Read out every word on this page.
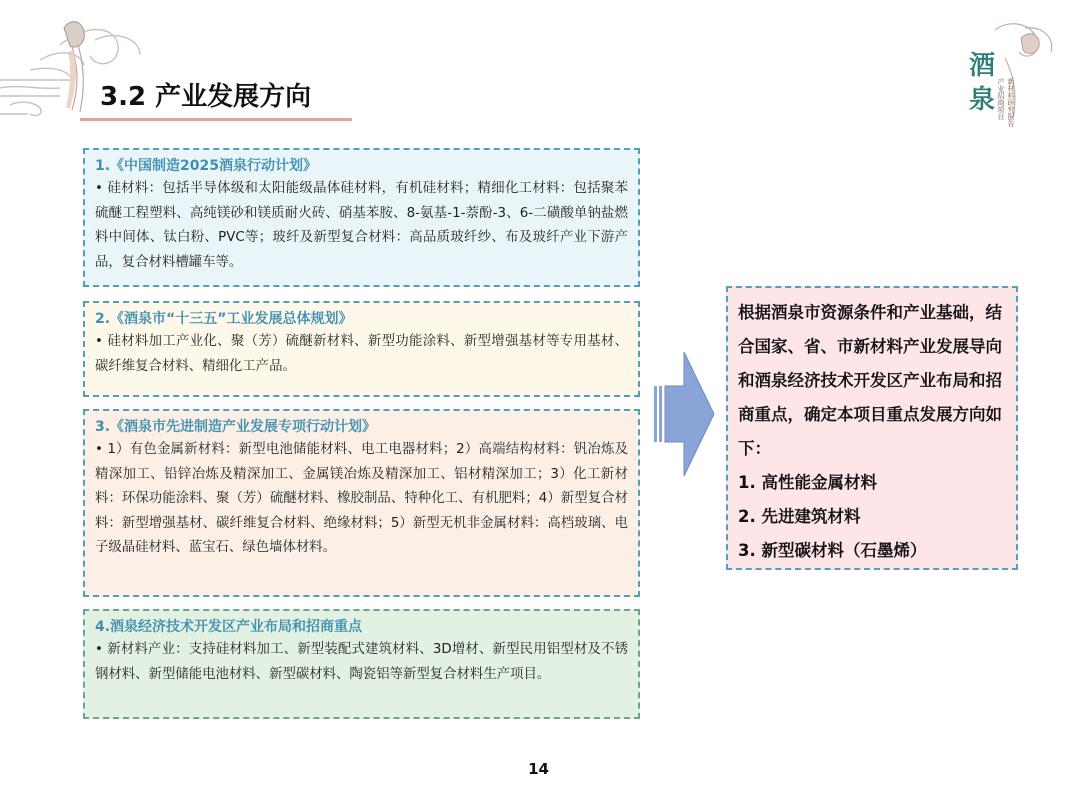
3.2 产业发展方向
酒
泉 产业招商项目 新材料研究报告
1.《中国制造2025酒泉行动计划》
• 硅材料：包括半导体级和太阳能级晶体硅材料，有机硅材料；精细化工材料：包括聚苯硫醚工程塑料、高纯镁砂和镁质耐火砖、硝基苯胺、8-氨基-1-萘酚-3、6-二磺酸单钠盐燃料中间体、钛白粉、PVC等；玻纤及新型复合材料：高品质玻纤纱、布及玻纤产业下游产品，复合材料槽罐车等。
2.《酒泉市“十三五”工业发展总体规划》
• 硅材料加工产业化、聚（芳）硫醚新材料、新型功能涂料、新型增强基材等专用基材、碳纤维复合材料、精细化工产品。
3.《酒泉市先进制造产业发展专项行动计划》
• 1）有色金属新材料：新型电池储能材料、电工电器材料；2）高端结构材料：钒冶炼及精深加工、铅锌冶炼及精深加工、金属镁冶炼及精深加工、铝材精深加工；3）化工新材料：环保功能涂料、聚（芳）硫醚材料、橡胶制品、特种化工、有机肥料；4）新型复合材料：新型增强基材、碳纤维复合材料、绝缘材料；5）新型无机非金属材料：高档玻璃、电子级晶硅材料、蓝宝石、绿色墙体材料。
4.酒泉经济技术开发区产业布局和招商重点
• 新材料产业：支持硅材料加工、新型装配式建筑材料、3D增材、新型民用铝型材及不锈钢材料、新型储能电池材料、新型碳材料、陶瓷铝等新型复合材料生产项目。
根据酒泉市资源条件和产业基础，结合国家、省、市新材料产业发展导向和酒泉经济技术开发区产业布局和招商重点，确定本项目重点发展方向如下：
1. 高性能金属材料
2. 先进建筑材料
3. 新型碳材料（石墨烯）
14
